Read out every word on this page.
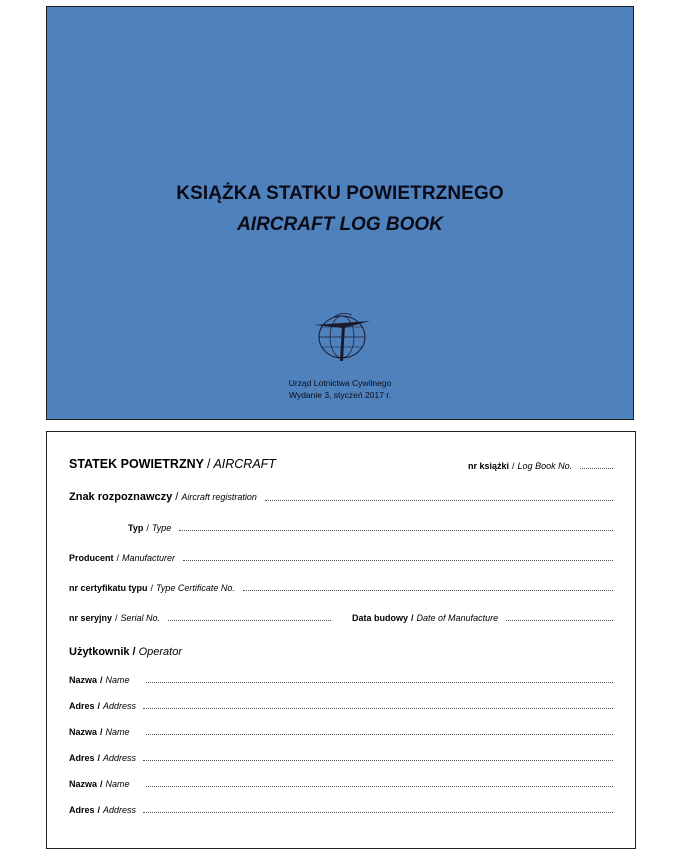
KSIĄŻKA STATKU POWIETRZNEGO
AIRCRAFT LOG BOOK
Urząd Lotnictwa Cywilnego
Wydanie 3, styczeń 2017 r.
STATEK POWIETRZNY / AIRCRAFT	nr książki / Log Book No.
Znak rozpoznawczy / Aircraft registration
Typ / Type
Producent / Manufacturer
nr certyfikatu typu / Type Certificate No.
nr seryjny / Serial No.	Data budowy / Date of Manufacture
Użytkownik / Operator
Nazwa / Name
Adres / Address
Nazwa / Name
Adres / Address
Nazwa / Name
Adres / Address
